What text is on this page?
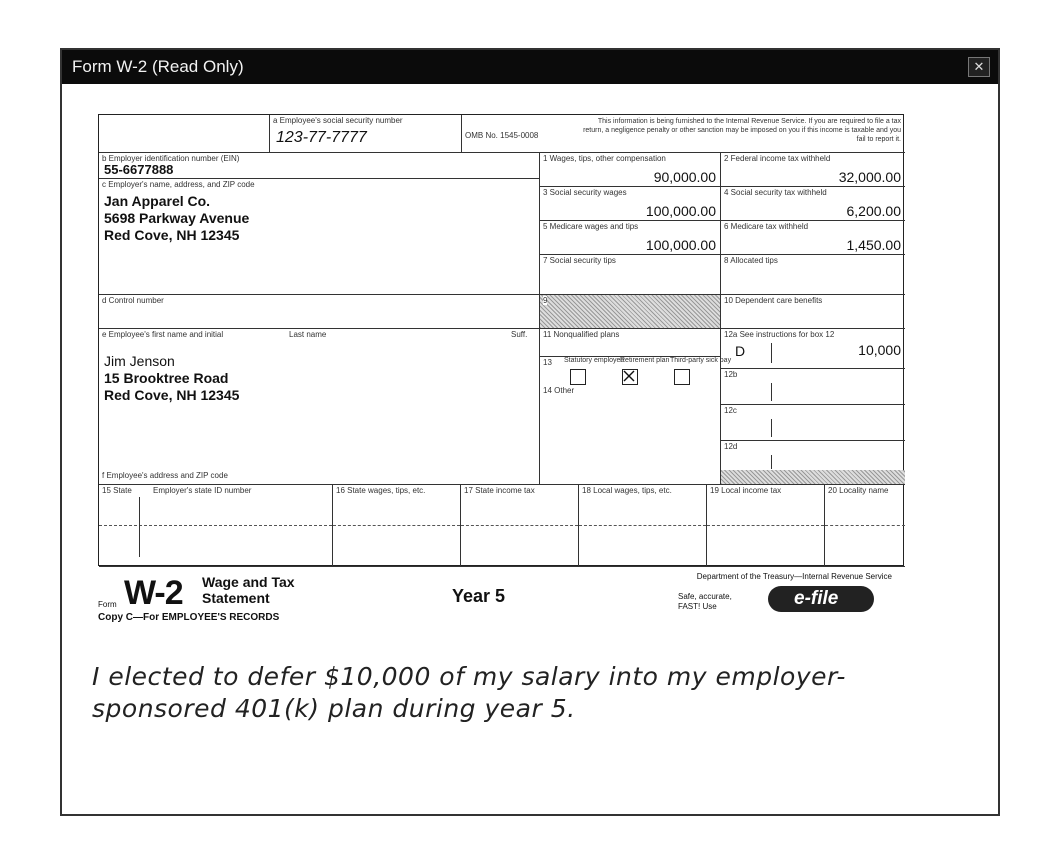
Form W-2 (Read Only)	✕
a Employee's social security number
123-77-7777	OMB No. 1545-0008
This information is being furnished to the Internal Revenue Service. If you are required to file a tax return, a negligence penalty or other sanction may be imposed on you if this income is taxable and you fail to report it.
b Employer identification number (EIN)
55-6677888
c Employer's name, address, and ZIP code
Jan Apparel Co.
5698 Parkway Avenue
Red Cove, NH 12345
d Control number
e Employee's first name and initial	Last name	Suff.
Jim Jenson
15 Brooktree Road
Red Cove, NH 12345
f Employee's address and ZIP code
1 Wages, tips, other compensation
90,000.00
2 Federal income tax withheld
32,000.00
3 Social security wages
100,000.00
4 Social security tax withheld
6,200.00
5 Medicare wages and tips
100,000.00
6 Medicare tax withheld
1,450.00
7 Social security tips	8 Allocated tips
9	10 Dependent care benefits
11 Nonqualified plans
13 Statutory employee
Retirement plan Third-party sick pay
14 Other
12a See instructions for box 12
D	10,000
12b
12c
12d
15 State	Employer's state ID number	16 State wages, tips, etc.	17 State income tax	18 Local wages, tips, etc.	19 Local income tax	20 Locality name
Form W-2 Wage and Tax
Statement
Copy C—For EMPLOYEE'S RECORDS
Year 5
Department of the Treasury—Internal Revenue Service
Safe, accurate,
FAST! Use	e-file
I elected to defer $10,000 of my salary into my employer-
sponsored 401(k) plan during year 5.
